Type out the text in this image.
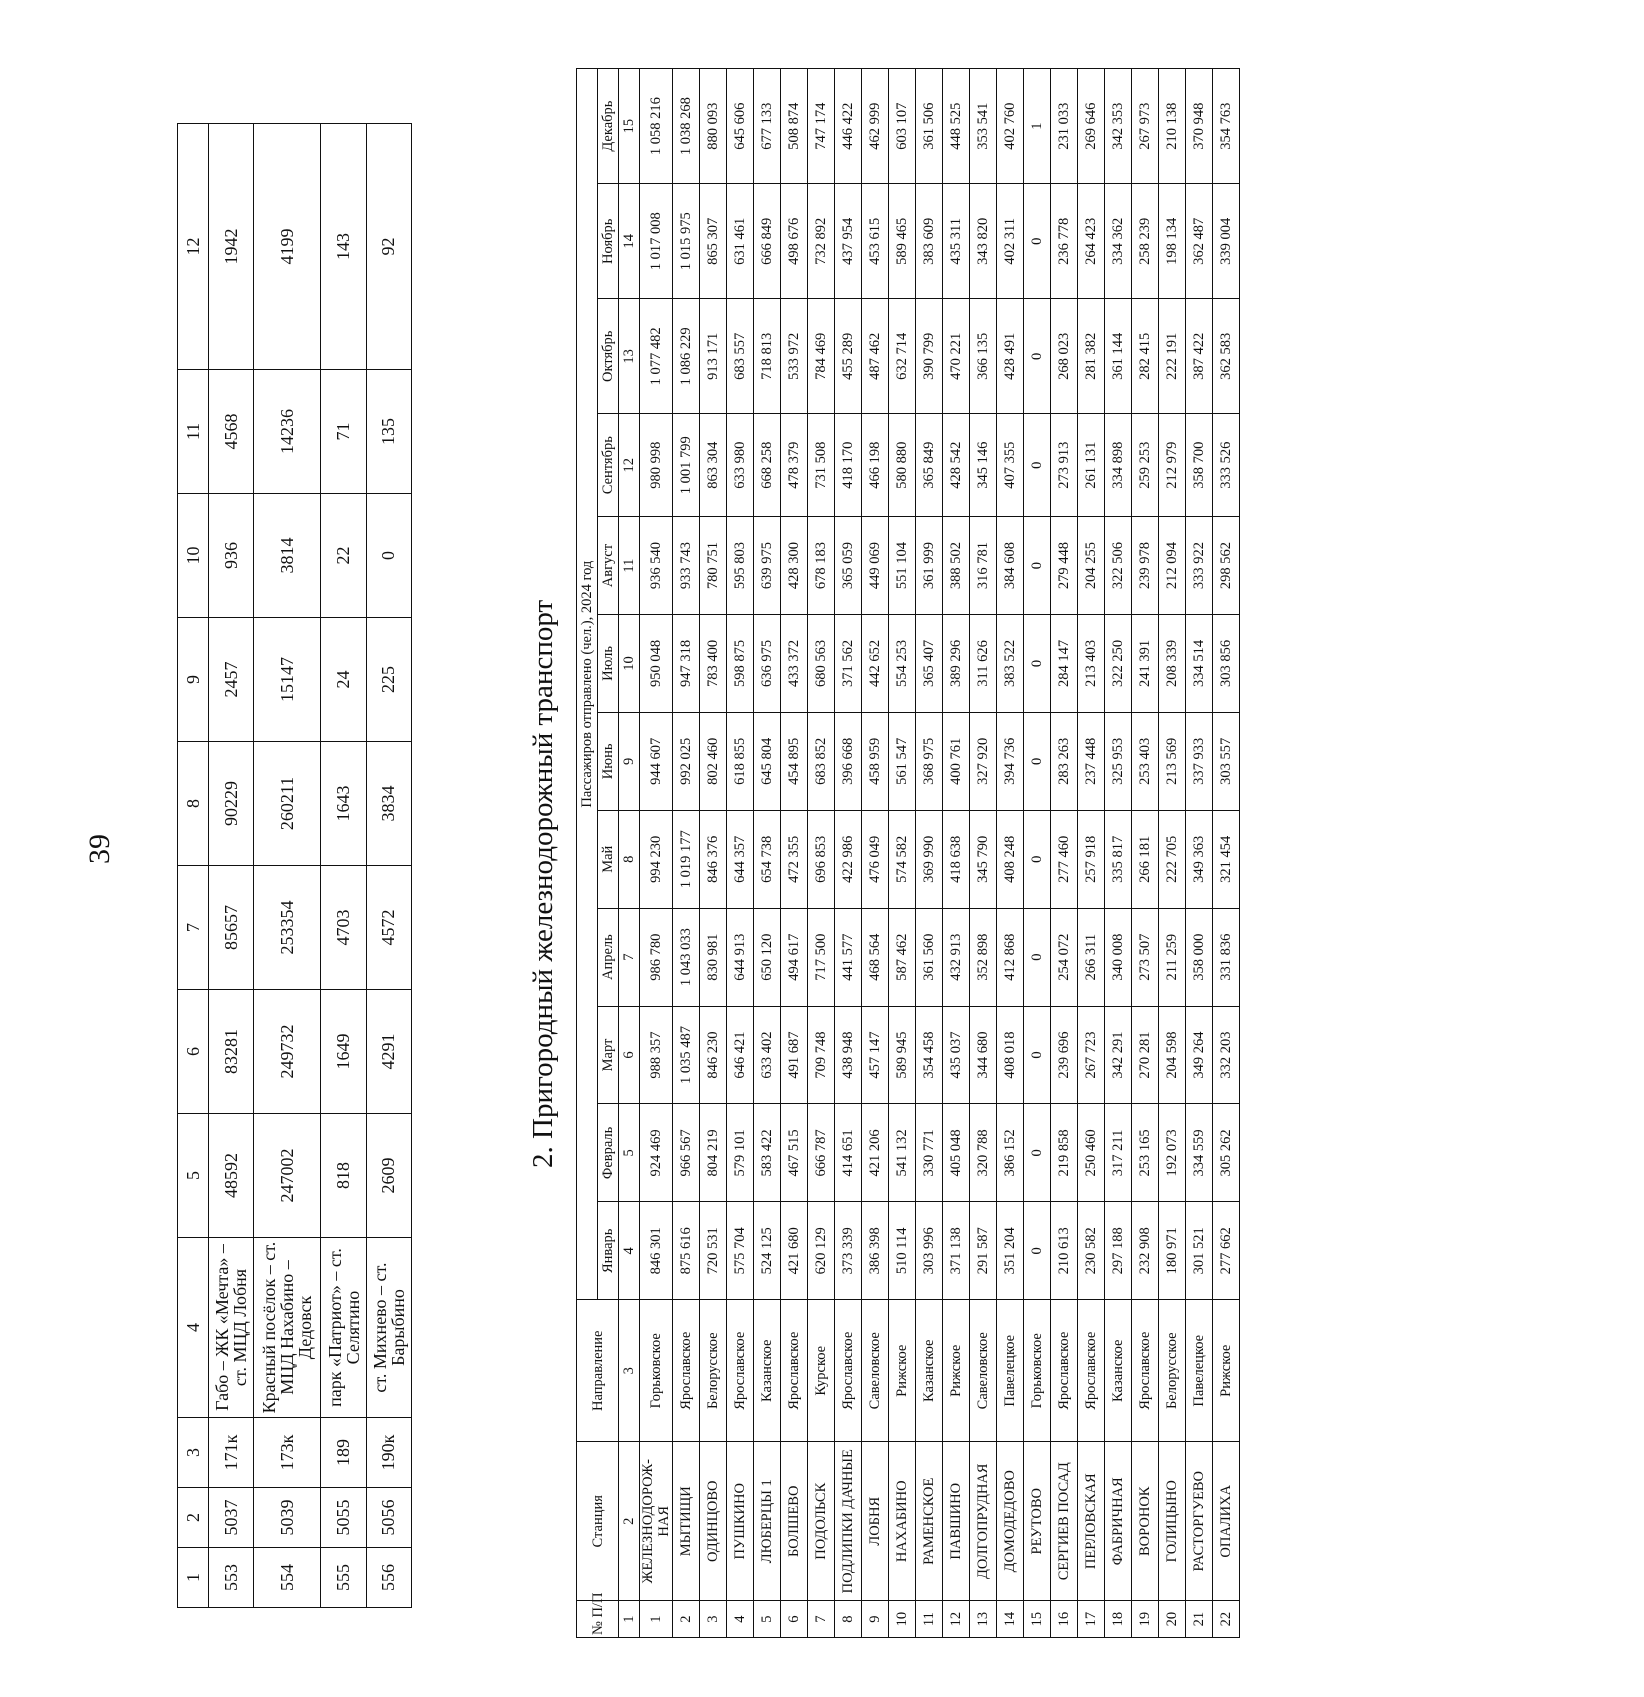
39
1	2	3	4	5	6	7	8	9	10	11	12
553	5037	171к	Габо – ЖК «Мечта» – ст. МЦД Лобня	48592	83281	85657	90229	2457	936	4568	1942
554	5039	173к	Красный посёлок – ст. МЦД Нахабино – Дедовск	247002	249732	253354	260211	15147	3814	14236	4199
555	5055	189	парк «Патриот» – ст. Селятино	818	1649	4703	1643	24	22	71	143
556	5056	190к	ст. Михнево – ст. Барыбино	2609	4291	4572	3834	225	0	135	92
2. Пригородный железнодорожный транспорт
№ П/П	Станция	Направление	Пассажиров отправлено (чел.), 2024 год											
			Январь	Февраль	Март	Апрель	Май	Июнь	Июль	Август	Сентябрь	Октябрь	Ноябрь	Декабрь
1	2	3	4	5	6	7	8	9	10	11	12	13	14	15
1	ЖЕЛЕЗНОДОРОЖ-НАЯ	Горьковское	846 301	924 469	988 357	986 780	994 230	944 607	950 048	936 540	980 998	1 077 482	1 017 008	1 058 216
2	МЫТИЩИ	Ярославское	875 616	966 567	1 035 487	1 043 033	1 019 177	992 025	947 318	933 743	1 001 799	1 086 229	1 015 975	1 038 268
3	ОДИНЦОВО	Белорусское	720 531	804 219	846 230	830 981	846 376	802 460	783 400	780 751	863 304	913 171	865 307	880 093
4	ПУШКИНО	Ярославское	575 704	579 101	646 421	644 913	644 357	618 855	598 875	595 803	633 980	683 557	631 461	645 606
5	ЛЮБЕРЦЫ 1	Казанское	524 125	583 422	633 402	650 120	654 738	645 804	636 975	639 975	668 258	718 813	666 849	677 133
6	БОЛШЕВО	Ярославское	421 680	467 515	491 687	494 617	472 355	454 895	433 372	428 300	478 379	533 972	498 676	508 874
7	ПОДОЛЬСК	Курское	620 129	666 787	709 748	717 500	696 853	683 852	680 563	678 183	731 508	784 469	732 892	747 174
8	ПОДЛИПКИ ДАЧНЫЕ	Ярославское	373 339	414 651	438 948	441 577	422 986	396 668	371 562	365 059	418 170	455 289	437 954	446 422
9	ЛОБНЯ	Савеловское	386 398	421 206	457 147	468 564	476 049	458 959	442 652	449 069	466 198	487 462	453 615	462 999
10	НАХАБИНО	Рижское	510 114	541 132	589 945	587 462	574 582	561 547	554 253	551 104	580 880	632 714	589 465	603 107
11	РАМЕНСКОЕ	Казанское	303 996	330 771	354 458	361 560	369 990	368 975	365 407	361 999	365 849	390 799	383 609	361 506
12	ПАВШИНО	Рижское	371 138	405 048	435 037	432 913	418 638	400 761	389 296	388 502	428 542	470 221	435 311	448 525
13	ДОЛГОПРУДНАЯ	Савеловское	291 587	320 788	344 680	352 898	345 790	327 920	311 626	316 781	345 146	366 135	343 820	353 541
14	ДОМОДЕДОВО	Павелецкое	351 204	386 152	408 018	412 868	408 248	394 736	383 522	384 608	407 355	428 491	402 311	402 760
15	РЕУТОВО	Горьковское	0	0	0	0	0	0	0	0	0	0	0	1
16	СЕРГИЕВ ПОСАД	Ярославское	210 613	219 858	239 696	254 072	277 460	283 263	284 147	279 448	273 913	268 023	236 778	231 033
17	ПЕРЛОВСКАЯ	Ярославское	230 582	250 460	267 723	266 311	257 918	237 448	213 403	204 255	261 131	281 382	264 423	269 646
18	ФАБРИЧНАЯ	Казанское	297 188	317 211	342 291	340 008	335 817	325 953	322 250	322 506	334 898	361 144	334 362	342 353
19	ВОРОНОК	Ярославское	232 908	253 165	270 281	273 507	266 181	253 403	241 391	239 978	259 253	282 415	258 239	267 973
20	ГОЛИЦЫНО	Белорусское	180 971	192 073	204 598	211 259	222 705	213 569	208 339	212 094	212 979	222 191	198 134	210 138
21	РАСТОРГУЕВО	Павелецкое	301 521	334 559	349 264	358 000	349 363	337 933	334 514	333 922	358 700	387 422	362 487	370 948
22	ОПАЛИХА	Рижское	277 662	305 262	332 203	331 836	321 454	303 557	303 856	298 562	333 526	362 583	339 004	354 763
